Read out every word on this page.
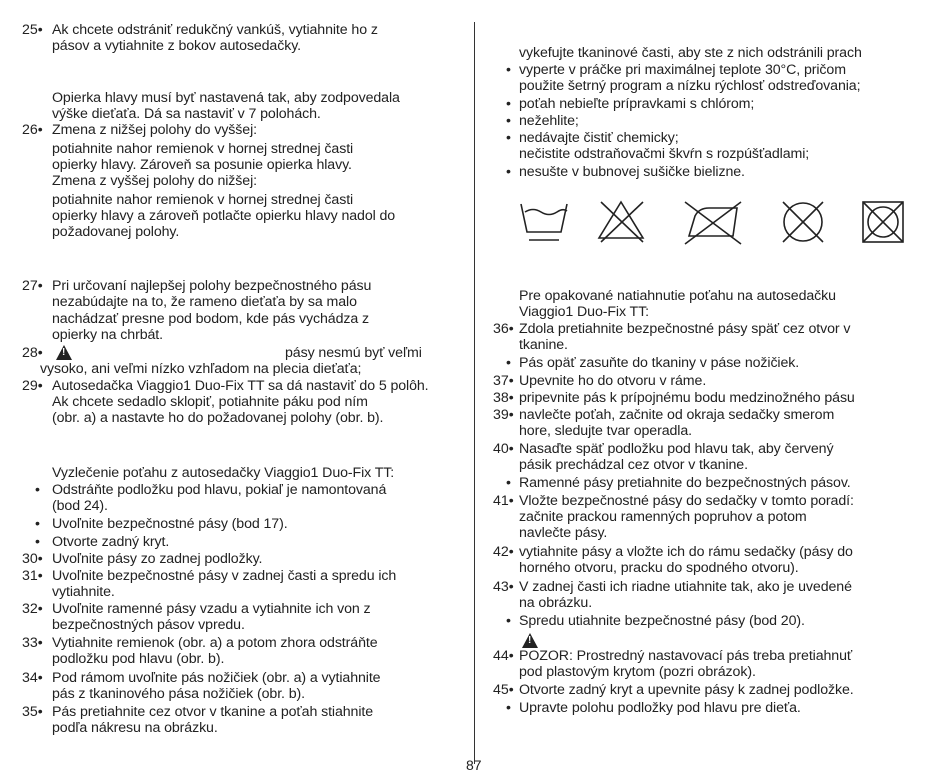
25• Ak chcete odstrániť redukčný vankúš, vytiahnite ho z
pásov a vytiahnite z bokov autosedačky.
Opierka hlavy musí byť nastavená tak, aby zodpovedala
výške dieťaťa. Dá sa nastaviť v 7 polohách.
26• Zmena z nižšej polohy do vyššej:
potiahnite nahor remienok v hornej strednej časti
opierky hlavy. Zároveň sa posunie opierka hlavy.
Zmena z vyššej polohy do nižšej:
potiahnite nahor remienok v hornej strednej časti
opierky hlavy a zároveň potlačte opierku hlavy nadol do
požadovanej polohy.
27• Pri určovaní najlepšej polohy bezpečnostného pásu
nezabúdajte na to, že rameno dieťaťa by sa malo
nachádzať presne pod bodom, kde pás vychádza z
opierky na chrbát.
28•	pásy nesmú byť veľmi
vysoko, ani veľmi nízko vzhľadom na plecia dieťaťa;
29• Autosedačka Viaggio1 Duo-Fix TT sa dá nastaviť do 5 polôh.
Ak chcete sedadlo sklopiť, potiahnite páku pod ním
(obr. a) a nastavte ho do požadovanej polohy (obr. b).
Vyzlečenie poťahu z autosedačky Viaggio1 Duo-Fix TT:
• Odstráňte podložku pod hlavu, pokiaľ je namontovaná
(bod 24).
• Uvoľnite bezpečnostné pásy (bod 17).
• Otvorte zadný kryt.
30• Uvoľnite pásy zo zadnej podložky.
31• Uvoľnite bezpečnostné pásy v zadnej časti a spredu ich
vytiahnite.
32• Uvoľnite ramenné pásy vzadu a vytiahnite ich von z
bezpečnostných pásov vpredu.
33• Vytiahnite remienok (obr. a) a potom zhora odstráňte
podložku pod hlavu (obr. b).
34• Pod rámom uvoľnite pás nožičiek (obr. a) a vytiahnite
pás z tkaninového pása nožičiek (obr. b).
35• Pás pretiahnite cez otvor v tkanine a poťah stiahnite
podľa nákresu na obrázku.
vykefujte tkaninové časti, aby ste z nich odstránili prach
• vyperte v práčke pri maximálnej teplote 30°C, pričom
použite šetrný program a nízku rýchlosť odstreďovania;
• poťah nebieľte prípravkami s chlórom;
• nežehlite;
• nedávajte čistiť chemicky;
nečistite odstraňovačmi škvŕn s rozpúšťadlami;
• nesušte v bubnovej sušičke bielizne.
Pre opakované natiahnutie poťahu na autosedačku
Viaggio1 Duo-Fix TT:
36• Zdola pretiahnite bezpečnostné pásy späť cez otvor v
tkanine.
• Pás opäť zasuňte do tkaniny v páse nožičiek.
37• Upevnite ho do otvoru v ráme.
38• pripevnite pás k prípojnému bodu medzinožného pásu
39• navlečte poťah, začnite od okraja sedačky smerom
hore, sledujte tvar operadla.
40• Nasaďte späť podložku pod hlavu tak, aby červený
pásik prechádzal cez otvor v tkanine.
• Ramenné pásy pretiahnite do bezpečnostných pásov.
41• Vložte bezpečnostné pásy do sedačky v tomto poradí:
začnite prackou ramenných popruhov a potom
navlečte pásy.
42• vytiahnite pásy a vložte ich do rámu sedačky (pásy do
horného otvoru, pracku do spodného otvoru).
43• V zadnej časti ich riadne utiahnite tak, ako je uvedené
na obrázku.
• Spredu utiahnite bezpečnostné pásy (bod 20).
44• POZOR: Prostredný nastavovací pás treba pretiahnuť
pod plastovým krytom (pozri obrázok).
45• Otvorte zadný kryt a upevnite pásy k zadnej podložke.
• Upravte polohu podložky pod hlavu pre dieťa.
!
!
87
